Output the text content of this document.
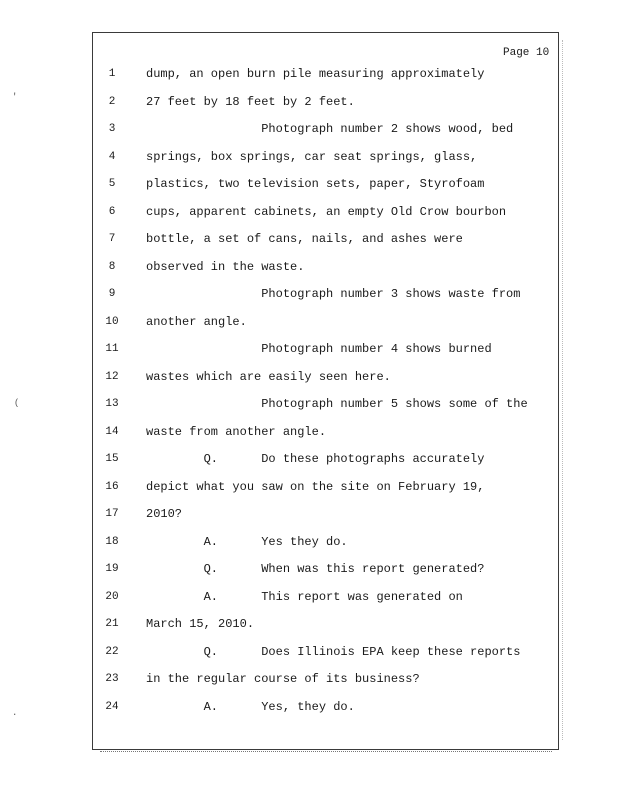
'
(
.
Page 10
1	dump, an open burn pile measuring approximately
2	27 feet by 18 feet by 2 feet.
3	Photograph number 2 shows wood, bed
4	springs, box springs, car seat springs, glass,
5	plastics, two television sets, paper, Styrofoam
6	cups, apparent cabinets, an empty Old Crow bourbon
7	bottle, a set of cans, nails, and ashes were
8	observed in the waste.
9	Photograph number 3 shows waste from
10	another angle.
11	Photograph number 4 shows burned
12	wastes which are easily seen here.
13	Photograph number 5 shows some of the
14	waste from another angle.
15	Q.      Do these photographs accurately
16	depict what you saw on the site on February 19,
17	2010?
18	A.      Yes they do.
19	Q.      When was this report generated?
20	A.      This report was generated on
21	March 15, 2010.
22	Q.      Does Illinois EPA keep these reports
23	in the regular course of its business?
24	A.      Yes, they do.
